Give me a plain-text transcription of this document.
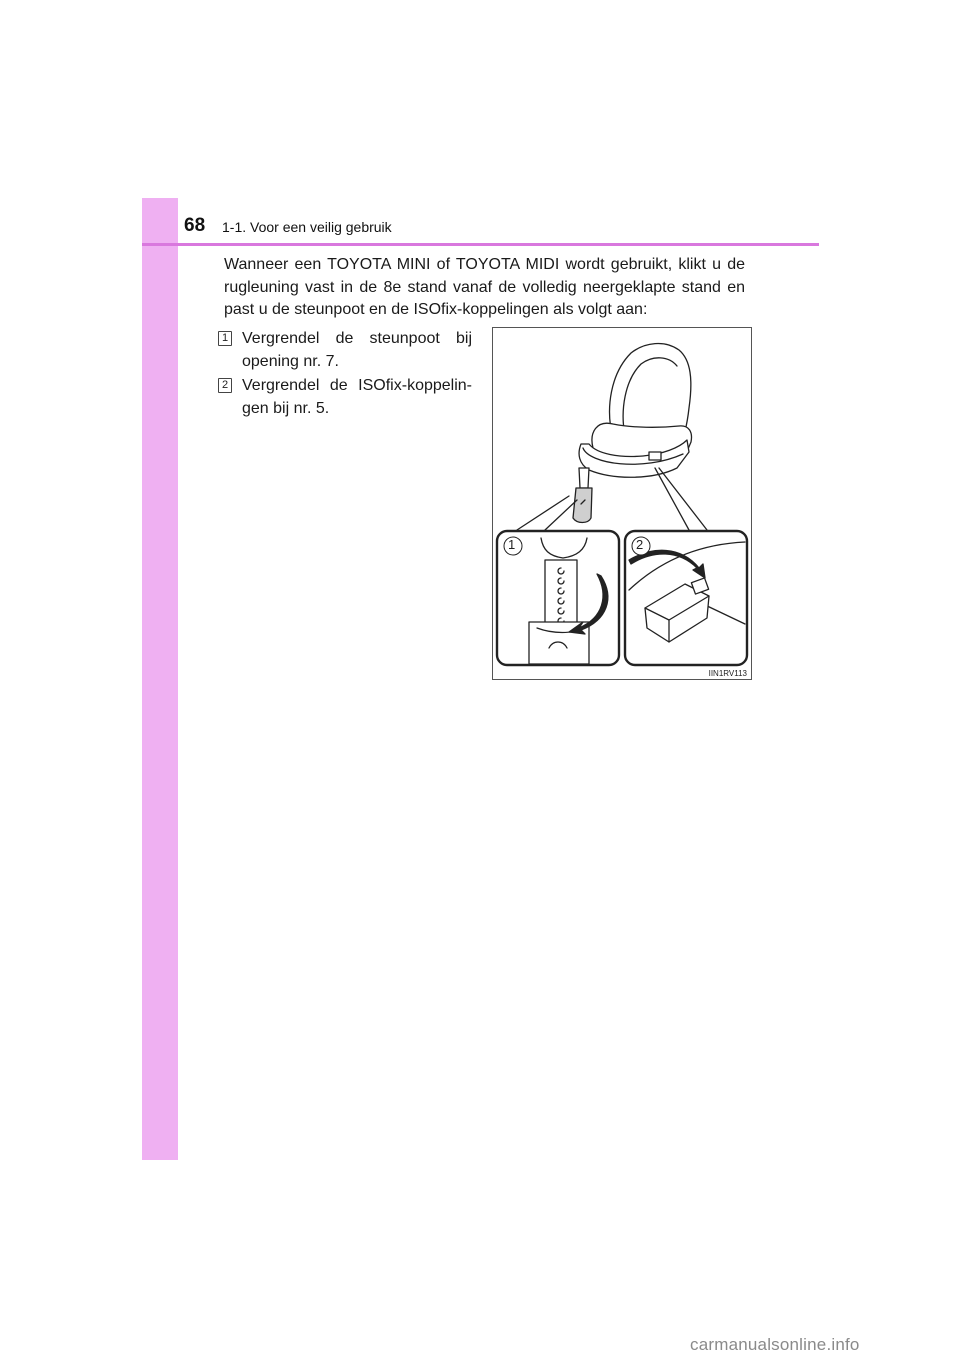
68 1-1. Voor een veilig gebruik

Wanneer een TOYOTA MINI of TOYOTA MIDI wordt gebruikt, klikt u de rugleuning vast in de 8e stand vanaf de volledig neergeklapte stand en past u de steunpoot en de ISOfix-koppelingen als volgt aan:

1 Vergrendel de steunpoot bij
opening nr. 7.
2 Vergrendel de ISOfix-koppelin-
gen bij nr. 5.
1	2
IIN1RV113
carmanualsonline.info
